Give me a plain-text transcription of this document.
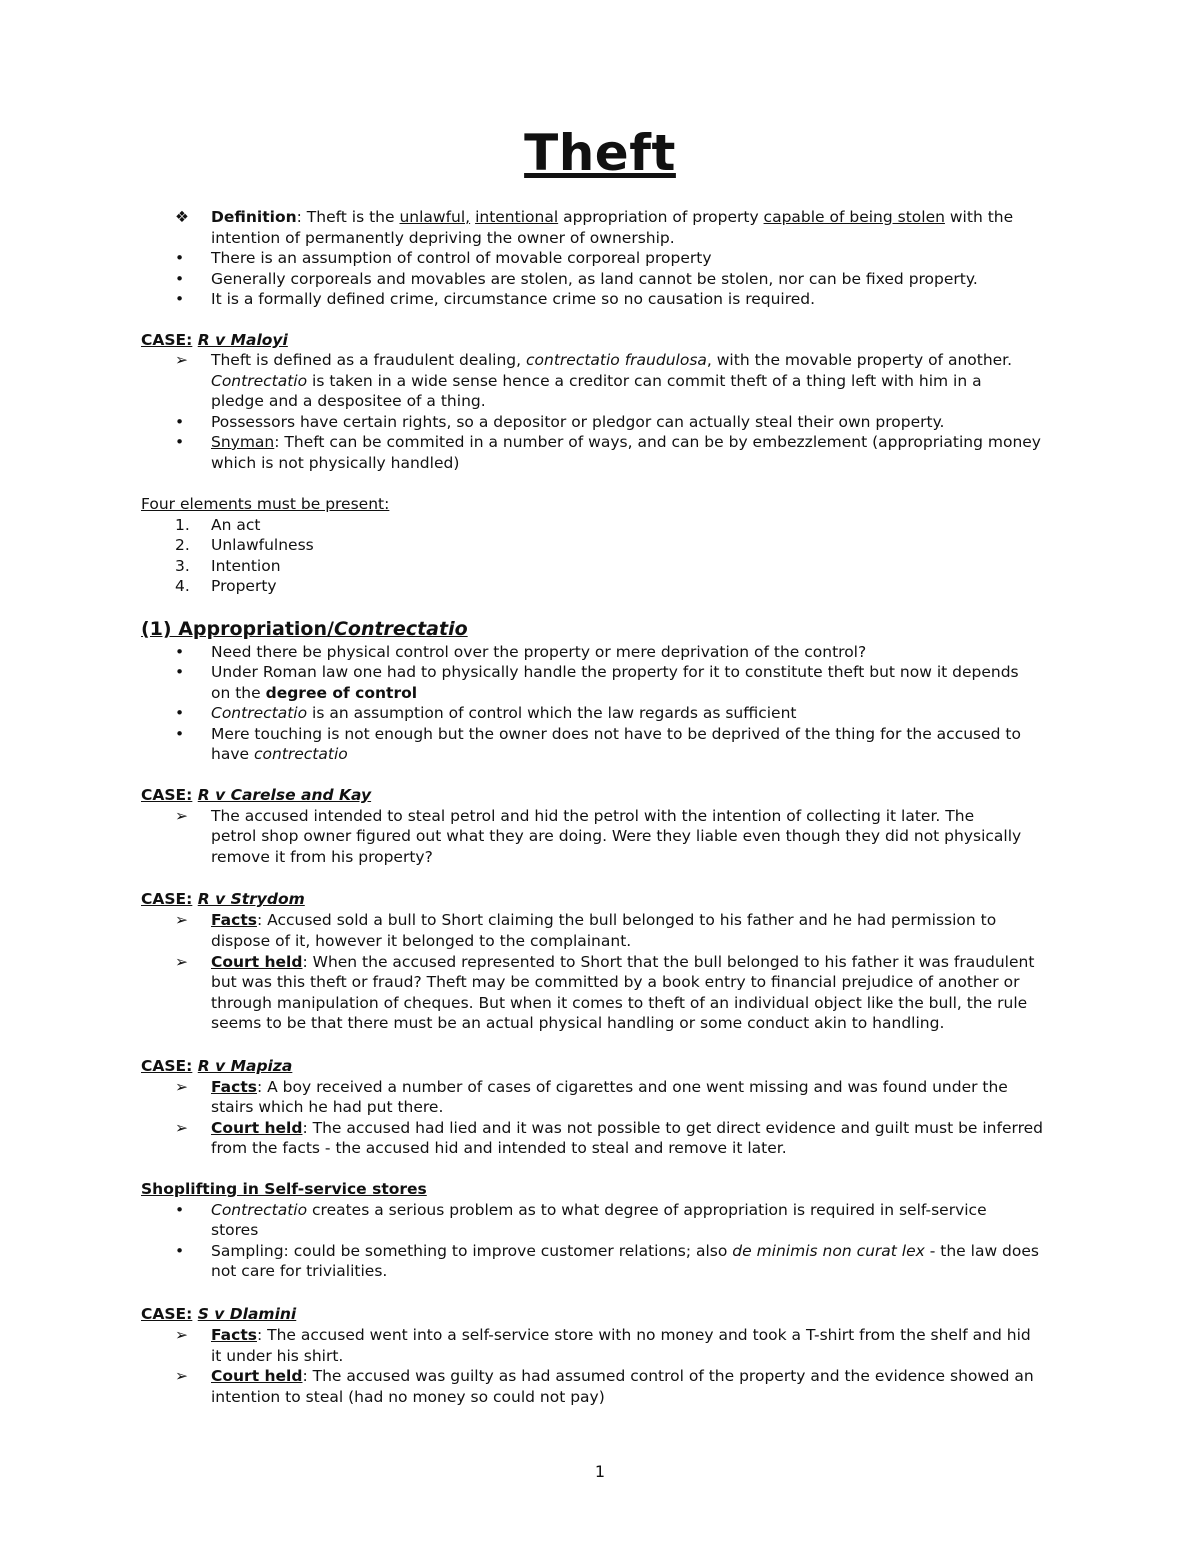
Theft
❖	Definition: Theft is the unlawful, intentional appropriation of property capable of being stolen with the
intention of permanently depriving the owner of ownership.
•	There is an assumption of control of movable corporeal property
•	Generally corporeals and movables are stolen, as land cannot be stolen, nor can be fixed property.
•	It is a formally defined crime, circumstance crime so no causation is required.
CASE: R v Maloyi
➢	Theft is defined as a fraudulent dealing, contrectatio fraudulosa, with the movable property of another.
Contrectatio is taken in a wide sense hence a creditor can commit theft of a thing left with him in a
pledge and a despositee of a thing.
•	Possessors have certain rights, so a depositor or pledgor can actually steal their own property.
•	Snyman: Theft can be commited in a number of ways, and can be by embezzlement (appropriating money
which is not physically handled)
Four elements must be present:
1. An act
2. Unlawfulness
3. Intention
4. Property
(1) Appropriation/Contrectatio
•	Need there be physical control over the property or mere deprivation of the control?
•	Under Roman law one had to physically handle the property for it to constitute theft but now it depends
on the degree of control
•	Contrectatio is an assumption of control which the law regards as sufficient
•	Mere touching is not enough but the owner does not have to be deprived of the thing for the accused to
have contrectatio
CASE: R v Carelse and Kay
➢	The accused intended to steal petrol and hid the petrol with the intention of collecting it later. The
petrol shop owner figured out what they are doing. Were they liable even though they did not physically
remove it from his property?
CASE: R v Strydom
➢	Facts: Accused sold a bull to Short claiming the bull belonged to his father and he had permission to
dispose of it, however it belonged to the complainant.
➢	Court held: When the accused represented to Short that the bull belonged to his father it was fraudulent
but was this theft or fraud? Theft may be committed by a book entry to financial prejudice of another or
through manipulation of cheques. But when it comes to theft of an individual object like the bull, the rule
seems to be that there must be an actual physical handling or some conduct akin to handling.
CASE: R v Mapiza
➢	Facts: A boy received a number of cases of cigarettes and one went missing and was found under the
stairs which he had put there.
➢	Court held: The accused had lied and it was not possible to get direct evidence and guilt must be inferred
from the facts - the accused hid and intended to steal and remove it later.
Shoplifting in Self-service stores
•	Contrectatio creates a serious problem as to what degree of appropriation is required in self-service
stores
•	Sampling: could be something to improve customer relations; also de minimis non curat lex - the law does
not care for trivialities.
CASE: S v Dlamini
➢	Facts: The accused went into a self-service store with no money and took a T-shirt from the shelf and hid
it under his shirt.
➢	Court held: The accused was guilty as had assumed control of the property and the evidence showed an
intention to steal (had no money so could not pay)
1
